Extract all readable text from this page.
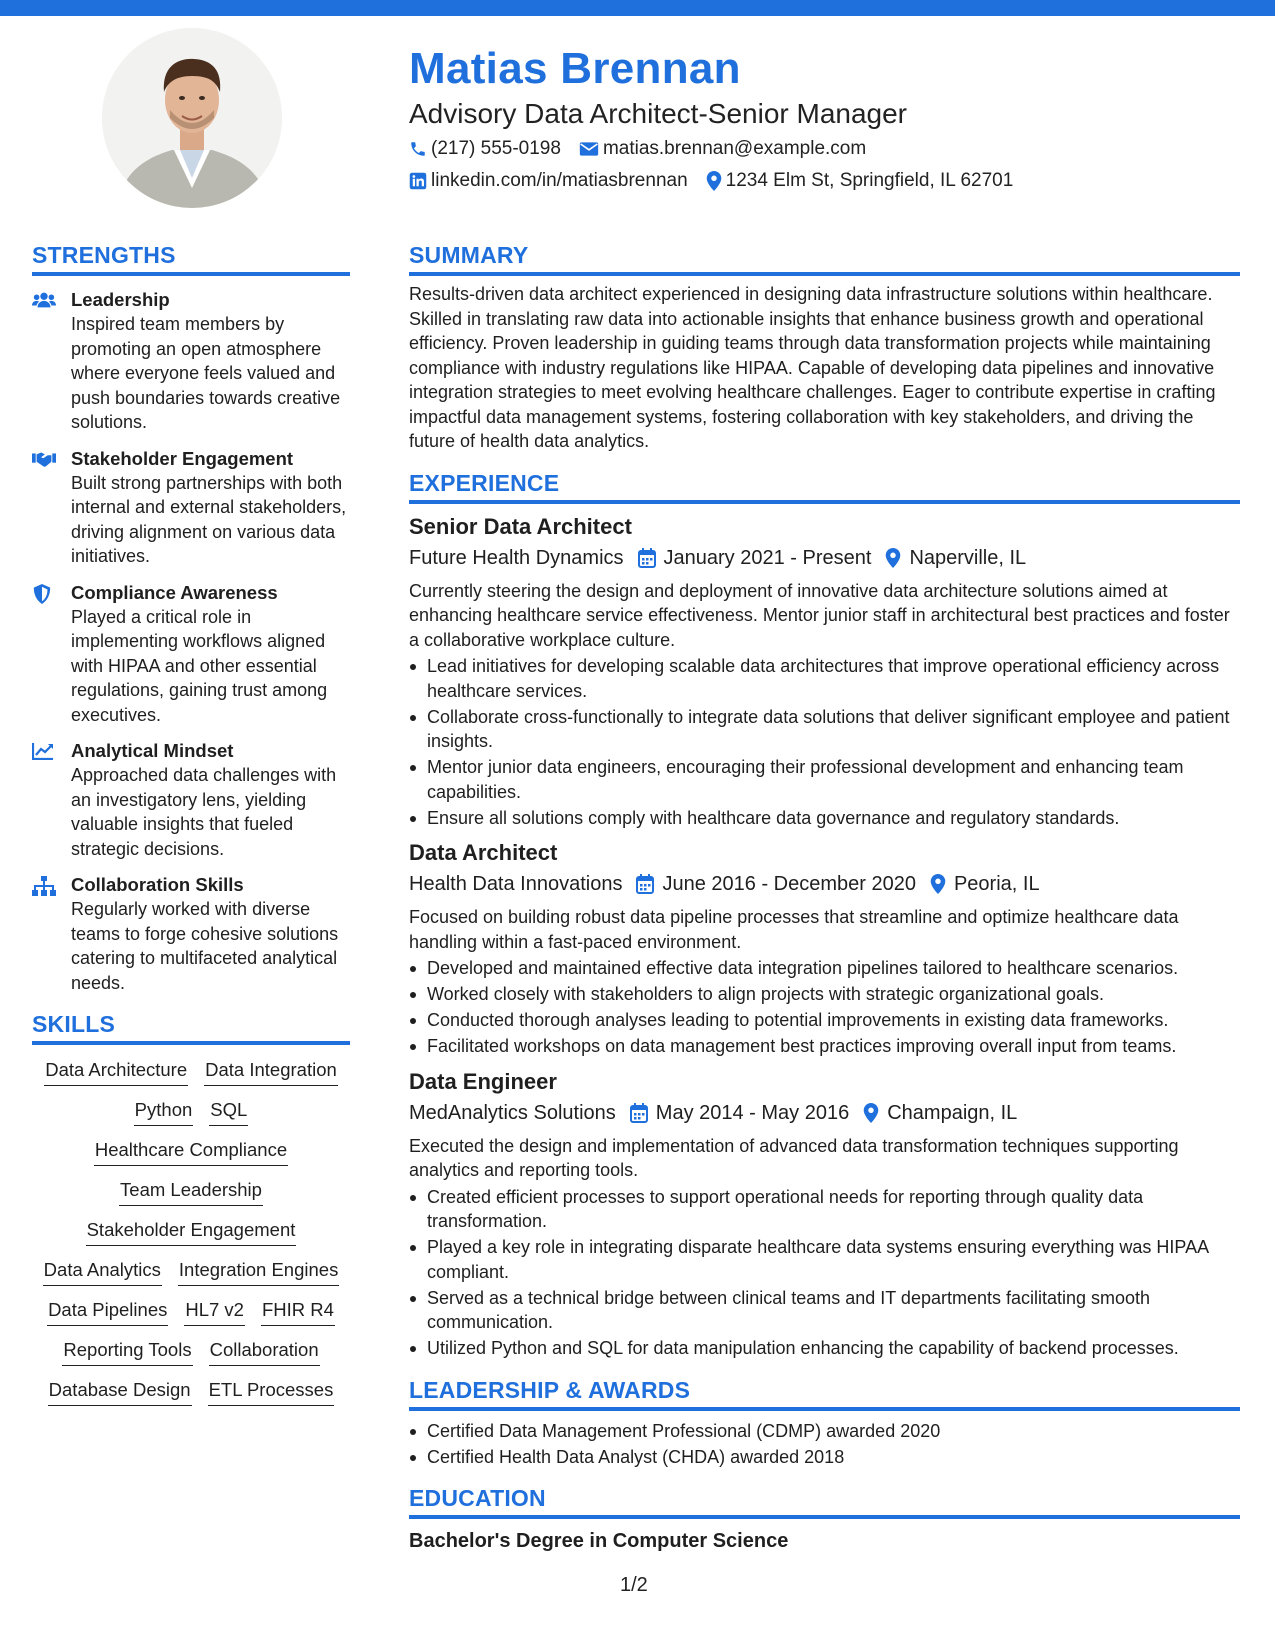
Matias Brennan
Advisory Data Architect-Senior Manager
(217) 555-0198 matias.brennan@example.com
linkedin.com/in/matiasbrennan 1234 Elm St, Springfield, IL 62701
STRENGTHS
Leadership
Inspired team members by promoting an open atmosphere where everyone feels valued and push boundaries towards creative solutions.
Stakeholder Engagement
Built strong partnerships with both internal and external stakeholders, driving alignment on various data initiatives.
Compliance Awareness
Played a critical role in implementing workflows aligned with HIPAA and other essential regulations, gaining trust among executives.
Analytical Mindset
Approached data challenges with an investigatory lens, yielding valuable insights that fueled strategic decisions.
Collaboration Skills
Regularly worked with diverse teams to forge cohesive solutions catering to multifaceted analytical needs.
SKILLS
Data Architecture Data Integration
Python SQL
Healthcare Compliance
Team Leadership
Stakeholder Engagement
Data Analytics Integration Engines
Data Pipelines HL7 v2 FHIR R4
Reporting Tools Collaboration
Database Design ETL Processes
SUMMARY
Results-driven data architect experienced in designing data infrastructure solutions within healthcare. Skilled in translating raw data into actionable insights that enhance business growth and operational efficiency. Proven leadership in guiding teams through data transformation projects while maintaining compliance with industry regulations like HIPAA. Capable of developing data pipelines and innovative integration strategies to meet evolving healthcare challenges. Eager to contribute expertise in crafting impactful data management systems, fostering collaboration with key stakeholders, and driving the future of health data analytics.
EXPERIENCE
Senior Data Architect
Future Health Dynamics January 2021 - Present Naperville, IL
Currently steering the design and deployment of innovative data architecture solutions aimed at enhancing healthcare service effectiveness. Mentor junior staff in architectural best practices and foster a collaborative workplace culture.
Lead initiatives for developing scalable data architectures that improve operational efficiency across healthcare services.
Collaborate cross-functionally to integrate data solutions that deliver significant employee and patient insights.
Mentor junior data engineers, encouraging their professional development and enhancing team capabilities.
Ensure all solutions comply with healthcare data governance and regulatory standards.
Data Architect
Health Data Innovations June 2016 - December 2020 Peoria, IL
Focused on building robust data pipeline processes that streamline and optimize healthcare data handling within a fast-paced environment.
Developed and maintained effective data integration pipelines tailored to healthcare scenarios.
Worked closely with stakeholders to align projects with strategic organizational goals.
Conducted thorough analyses leading to potential improvements in existing data frameworks.
Facilitated workshops on data management best practices improving overall input from teams.
Data Engineer
MedAnalytics Solutions May 2014 - May 2016 Champaign, IL
Executed the design and implementation of advanced data transformation techniques supporting analytics and reporting tools.
Created efficient processes to support operational needs for reporting through quality data transformation.
Played a key role in integrating disparate healthcare data systems ensuring everything was HIPAA compliant.
Served as a technical bridge between clinical teams and IT departments facilitating smooth communication.
Utilized Python and SQL for data manipulation enhancing the capability of backend processes.
LEADERSHIP & AWARDS
Certified Data Management Professional (CDMP) awarded 2020
Certified Health Data Analyst (CHDA) awarded 2018
EDUCATION
Bachelor's Degree in Computer Science
1/2
